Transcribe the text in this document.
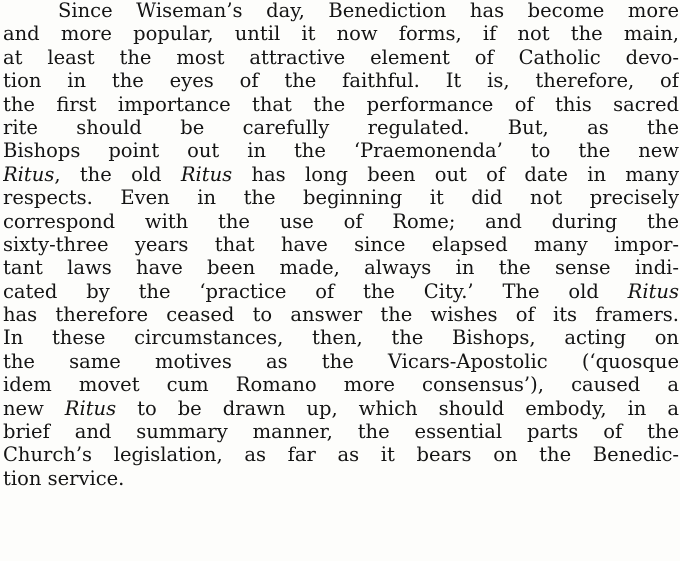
Since Wiseman’s day, Benediction has become more
and more popular, until it now forms, if not the main,
at least the most attractive element of Catholic devo-
tion in the eyes of the faithful. It is, therefore, of
the first importance that the performance of this sacred
rite should be carefully regulated. But, as the
Bishops point out in the ‘Praemonenda’ to the new
Ritus, the old Ritus has long been out of date in many
respects. Even in the beginning it did not precisely
correspond with the use of Rome; and during the
sixty-three years that have since elapsed many impor-
tant laws have been made, always in the sense indi-
cated by the ‘practice of the City.’ The old Ritus
has therefore ceased to answer the wishes of its framers.
In these circumstances, then, the Bishops, acting on
the same motives as the Vicars-Apostolic (‘quosque
idem movet cum Romano more consensus’), caused a
new Ritus to be drawn up, which should embody, in a
brief and summary manner, the essential parts of the
Church’s legislation, as far as it bears on the Benedic-
tion service.
